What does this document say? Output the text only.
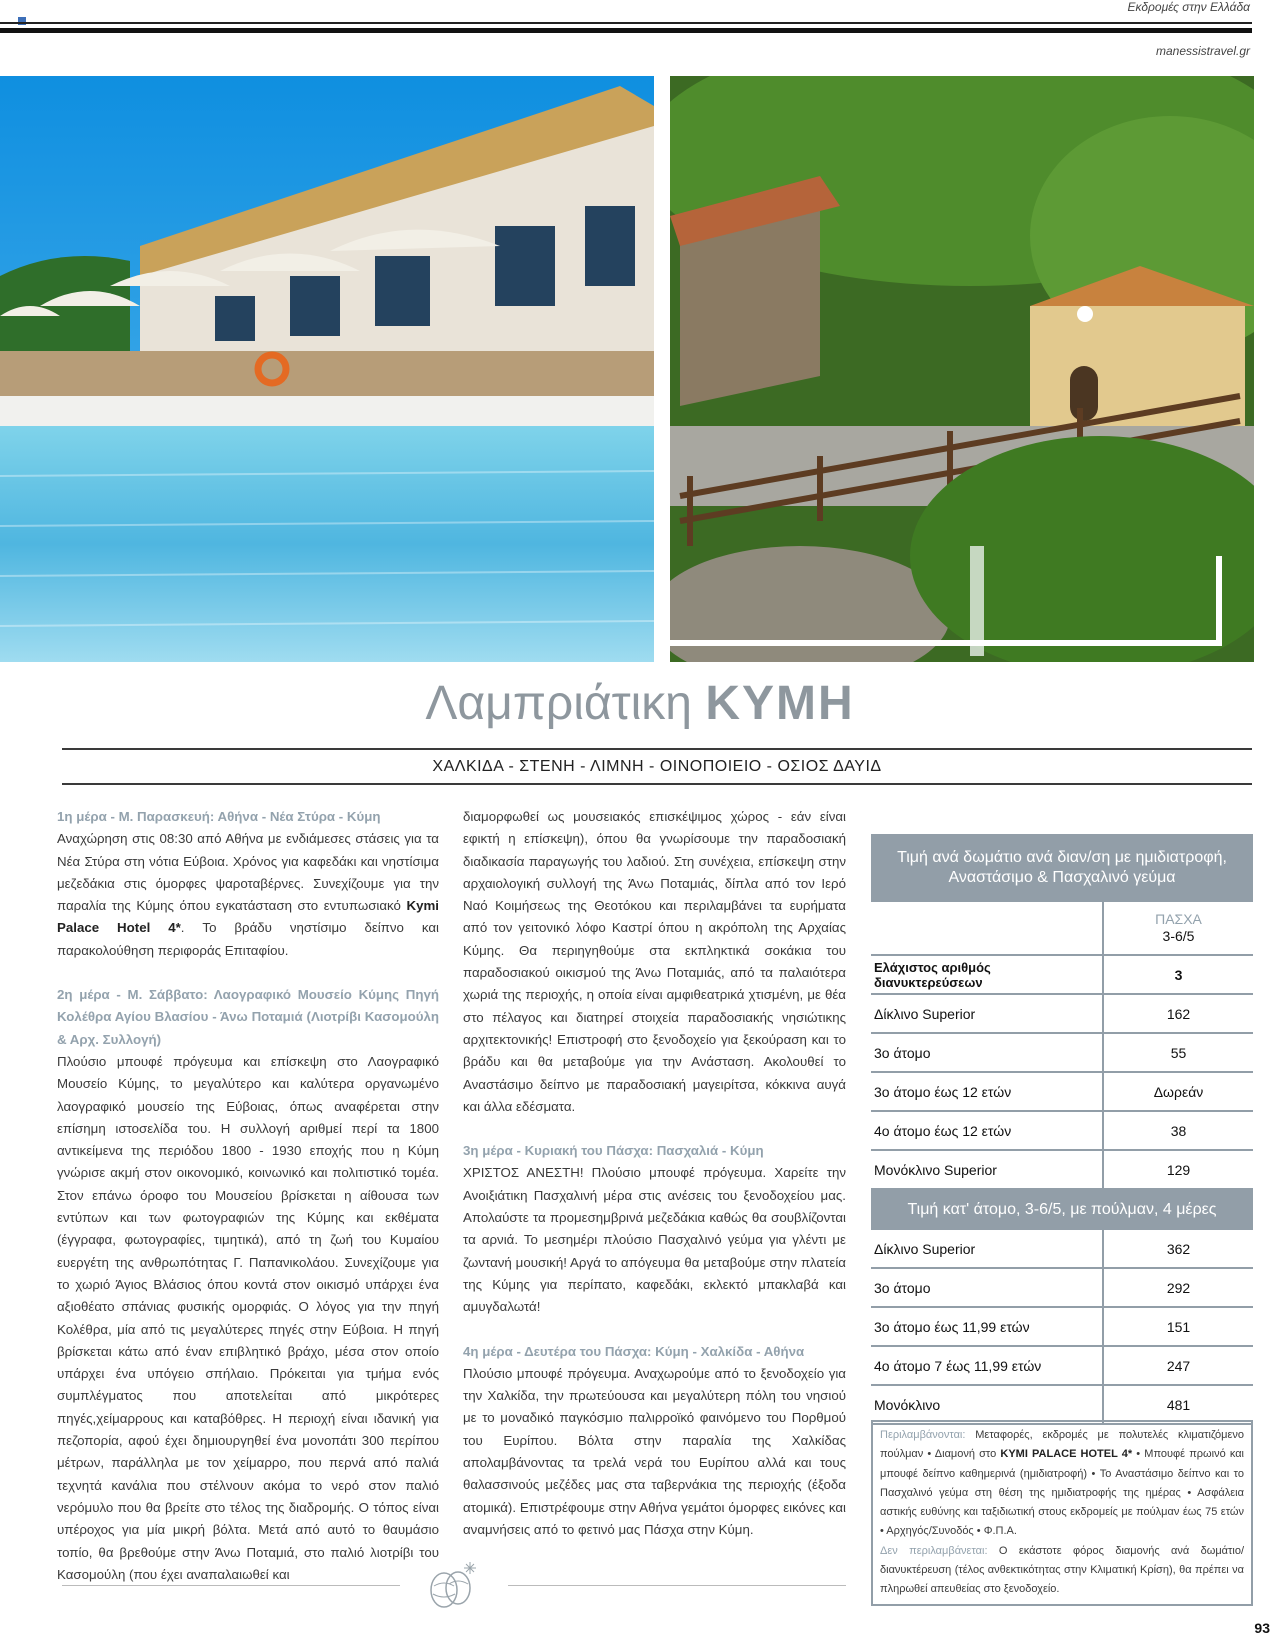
Εκδρομές στην Ελλάδα
manessistravel.gr
Λαμπριάτικη ΚΥΜΗ
ΧΑΛΚΙΔΑ - ΣΤΕΝΗ - ΛΙΜΝΗ - ΟΙΝΟΠΟΙΕΙΟ - ΟΣΙΟΣ ΔΑΥΙΔ
1η μέρα - Μ. Παρασκευή: Αθήνα - Νέα Στύρα - Κύμη
Αναχώρηση στις 08:30 από Αθήνα με ενδιάμεσες στάσεις για τα Νέα Στύρα στη νότια Εύβοια. Χρόνος για καφεδάκι και νηστίσιμα μεζεδάκια στις όμορφες ψαροταβέρνες. Συνεχίζουμε για την παραλία της Κύμης όπου εγκατάσταση στο εντυπωσιακό Kymi Palace Hotel 4*. Το βράδυ νηστίσιμο δείπνο και παρακολούθηση περιφοράς Επιταφίου.
2η μέρα - Μ. Σάββατο: Λαογραφικό Μουσείο Κύμης Πηγή Κολέθρα Αγίου Βλασίου - Άνω Ποταμιά (Λιοτρίβι Κασομούλη & Αρχ. Συλλογή)
Πλούσιο μπουφέ πρόγευμα και επίσκεψη στο Λαογραφικό Μουσείο Κύμης, το μεγαλύτερο και καλύτερα οργανωμένο λαογραφικό μουσείο της Εύβοιας, όπως αναφέρεται στην επίσημη ιστοσελίδα του. Η συλλογή αριθμεί περί τα 1800 αντικείμενα της περιόδου 1800 - 1930 εποχής που η Κύμη γνώρισε ακμή στον οικονομικό, κοινωνικό και πολιτιστικό τομέα. Στον επάνω όροφο του Μουσείου βρίσκεται η αίθουσα των εντύπων και των φωτογραφιών της Κύμης και εκθέματα (έγγραφα, φωτογραφίες, τιμητικά), από τη ζωή του Κυμαίου ευεργέτη της ανθρωπότητας Γ. Παπανικολάου. Συνεχίζουμε για το χωριό Άγιος Βλάσιος όπου κοντά στον οικισμό υπάρχει ένα αξιοθέατο σπάνιας φυσικής ομορφιάς. Ο λόγος για την πηγή Κολέθρα, μία από τις μεγαλύτερες πηγές στην Εύβοια. Η πηγή βρίσκεται κάτω από έναν επιβλητικό βράχο, μέσα στον οποίο υπάρχει ένα υπόγειο σπήλαιο. Πρόκειται για τμήμα ενός συμπλέγματος που αποτελείται από μικρότερες πηγές,χείμαρρους και καταβόθρες. Η περιοχή είναι ιδανική για πεζοπορία, αφού έχει δημιουργηθεί ένα μονοπάτι 300 περίπου μέτρων, παράλληλα με τον χείμαρρο, που περνά από παλιά τεχνητά κανάλια που στέλνουν ακόμα το νερό στον παλιό νερόμυλο που θα βρείτε στο τέλος της διαδρομής. Ο τόπος είναι υπέροχος για μία μικρή βόλτα. Μετά από αυτό το θαυμάσιο τοπίο, θα βρεθούμε στην Άνω Ποταμιά, στο παλιό λιοτρίβι του Κασομούλη (που έχει αναπαλαιωθεί και
διαμορφωθεί ως μουσειακός επισκέψιμος χώρος - εάν είναι εφικτή η επίσκεψη), όπου θα γνωρίσουμε την παραδοσιακή διαδικασία παραγωγής του λαδιού. Στη συνέχεια, επίσκεψη στην αρχαιολογική συλλογή της Άνω Ποταμιάς, δίπλα από τον Ιερό Ναό Κοιμήσεως της Θεοτόκου και περιλαμβάνει τα ευρήματα από τον γειτονικό λόφο Καστρί όπου η ακρόπολη της Αρχαίας Κύμης. Θα περιηγηθούμε στα εκπληκτικά σοκάκια του παραδοσιακού οικισμού της Άνω Ποταμιάς, από τα παλαιότερα χωριά της περιοχής, η οποία είναι αμφιθεατρικά χτισμένη, με θέα στο πέλαγος και διατηρεί στοιχεία παραδοσιακής νησιώτικης αρχιτεκτονικής! Επιστροφή στο ξενοδοχείο για ξεκούραση και το βράδυ και θα μεταβούμε για την Ανάσταση. Ακολουθεί το Αναστάσιμο δείπνο με παραδοσιακή μαγειρίτσα, κόκκινα αυγά και άλλα εδέσματα.
3η μέρα - Κυριακή του Πάσχα: Πασχαλιά - Κύμη
ΧΡΙΣΤΟΣ ΑΝΕΣΤΗ! Πλούσιο μπουφέ πρόγευμα. Χαρείτε την Ανοιξιάτικη Πασχαλινή μέρα στις ανέσεις του ξενοδοχείου μας. Απολαύστε τα προμεσημβρινά μεζεδάκια καθώς θα σουβλίζονται τα αρνιά. Το μεσημέρι πλούσιο Πασχαλινό γεύμα για γλέντι με ζωντανή μουσική! Αργά το απόγευμα θα μεταβούμε στην πλατεία της Κύμης για περίπατο, καφεδάκι, εκλεκτό μπακλαβά και αμυγδαλωτά!
4η μέρα - Δευτέρα του Πάσχα: Κύμη - Χαλκίδα - Αθήνα
Πλούσιο μπουφέ πρόγευμα. Αναχωρούμε από το ξενοδοχείο για την Χαλκίδα, την πρωτεύουσα και μεγαλύτερη πόλη του νησιού με το μοναδικό παγκόσμιο παλιρροϊκό φαινόμενο του Πορθμού του Ευρίπου. Βόλτα στην παραλία της Χαλκίδας απολαμβάνοντας τα τρελά νερά του Ευρίπου αλλά και τους θαλασσινούς μεζέδες μας στα ταβερνάκια της περιοχής (έξοδα ατομικά). Επιστρέφουμε στην Αθήνα γεμάτοι όμορφες εικόνες και αναμνήσεις από το φετινό μας Πάσχα στην Κύμη.
Τιμή ανά δωμάτιο ανά διαν/ση με ημιδιατροφή, Αναστάσιμο & Πασχαλινό γεύμα
ΠΑΣΧΑ
3-6/5
Ελάχιστος αριθμός διανυκτερεύσεων	3
Δίκλινο Superior	162
3ο άτομο	55
3ο άτομο έως 12 ετών	Δωρεάν
4ο άτομο έως 12 ετών	38
Μονόκλινο Superior	129
Τιμή κατ' άτομο, 3-6/5, με πούλμαν, 4 μέρες
Δίκλινο Superior	362
3ο άτομο	292
3ο άτομο έως 11,99 ετών	151
4ο άτομο 7 έως 11,99 ετών	247
Μονόκλινο	481
Περιλαμβάνονται: Μεταφορές, εκδρομές με πολυτελές κλιματιζόμενο πούλμαν • Διαμονή στο KYMI PALACE HOTEL 4* • Μπουφέ πρωινό και μπουφέ δείπνο καθημερινά (ημιδιατροφή) • Το Αναστάσιμο δείπνο και το Πασχαλινό γεύμα στη θέση της ημιδιατροφής της ημέρας • Ασφάλεια αστικής ευθύνης και ταξιδιωτική στους εκδρομείς με πούλμαν έως 75 ετών • Αρχηγός/Συνοδός • Φ.Π.Α.
Δεν περιλαμβάνεται: Ο εκάστοτε φόρος διαμονής ανά δωμάτιο/διανυκτέρευση (τέλος ανθεκτικότητας στην Κλιματική Κρίση), θα πρέπει να πληρωθεί απευθείας στο ξενοδοχείο.
93
